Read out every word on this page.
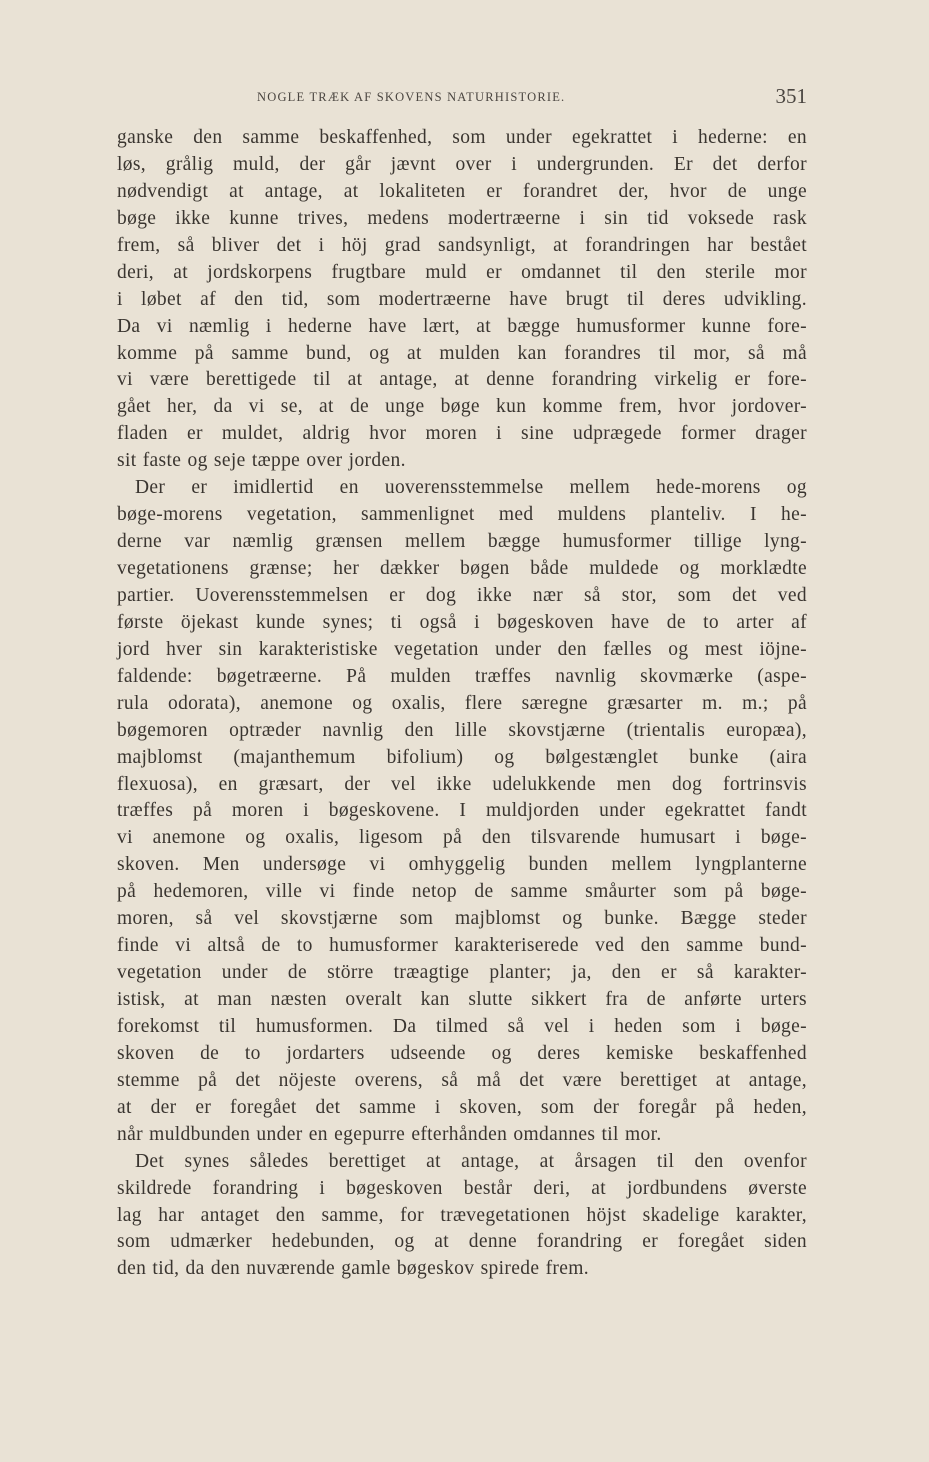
NOGLE TRÆK AF SKOVENS NATURHISTORIE.	351
ganske den samme beskaffenhed, som under egekrattet i hederne: en
løs, grålig muld, der går jævnt over i undergrunden. Er det derfor
nødvendigt at antage, at lokaliteten er forandret der, hvor de unge
bøge ikke kunne trives, medens modertræerne i sin tid voksede rask
frem, så bliver det i höj grad sandsynligt, at forandringen har bestået
deri, at jordskorpens frugtbare muld er omdannet til den sterile mor
i løbet af den tid, som modertræerne have brugt til deres udvikling.
Da vi næmlig i hederne have lært, at bægge humusformer kunne fore-
komme på samme bund, og at mulden kan forandres til mor, så må
vi være berettigede til at antage, at denne forandring virkelig er fore-
gået her, da vi se, at de unge bøge kun komme frem, hvor jordover-
fladen er muldet, aldrig hvor moren i sine udprægede former drager
sit faste og seje tæppe over jorden.
Der er imidlertid en uoverensstemmelse mellem hede-morens og
bøge-morens vegetation, sammenlignet med muldens planteliv. I he-
derne var næmlig grænsen mellem bægge humusformer tillige lyng-
vegetationens grænse; her dækker bøgen både muldede og morklædte
partier. Uoverensstemmelsen er dog ikke nær så stor, som det ved
første öjekast kunde synes; ti også i bøgeskoven have de to arter af
jord hver sin karakteristiske vegetation under den fælles og mest iöjne-
faldende: bøgetræerne. På mulden træffes navnlig skovmærke (aspe-
rula odorata), anemone og oxalis, flere særegne græsarter m. m.; på
bøgemoren optræder navnlig den lille skovstjærne (trientalis europæa),
majblomst (majanthemum bifolium) og bølgestænglet bunke (aira
flexuosa), en græsart, der vel ikke udelukkende men dog fortrinsvis
træffes på moren i bøgeskovene. I muldjorden under egekrattet fandt
vi anemone og oxalis, ligesom på den tilsvarende humusart i bøge-
skoven. Men undersøge vi omhyggelig bunden mellem lyngplanterne
på hedemoren, ville vi finde netop de samme småurter som på bøge-
moren, så vel skovstjærne som majblomst og bunke. Bægge steder
finde vi altså de to humusformer karakteriserede ved den samme bund-
vegetation under de större træagtige planter; ja, den er så karakter-
istisk, at man næsten overalt kan slutte sikkert fra de anførte urters
forekomst til humusformen. Da tilmed så vel i heden som i bøge-
skoven de to jordarters udseende og deres kemiske beskaffenhed
stemme på det nöjeste overens, så må det være berettiget at antage,
at der er foregået det samme i skoven, som der foregår på heden,
når muldbunden under en egepurre efterhånden omdannes til mor.
Det synes således berettiget at antage, at årsagen til den ovenfor
skildrede forandring i bøgeskoven består deri, at jordbundens øverste
lag har antaget den samme, for trævegetationen höjst skadelige karakter,
som udmærker hedebunden, og at denne forandring er foregået siden
den tid, da den nuværende gamle bøgeskov spirede frem.
